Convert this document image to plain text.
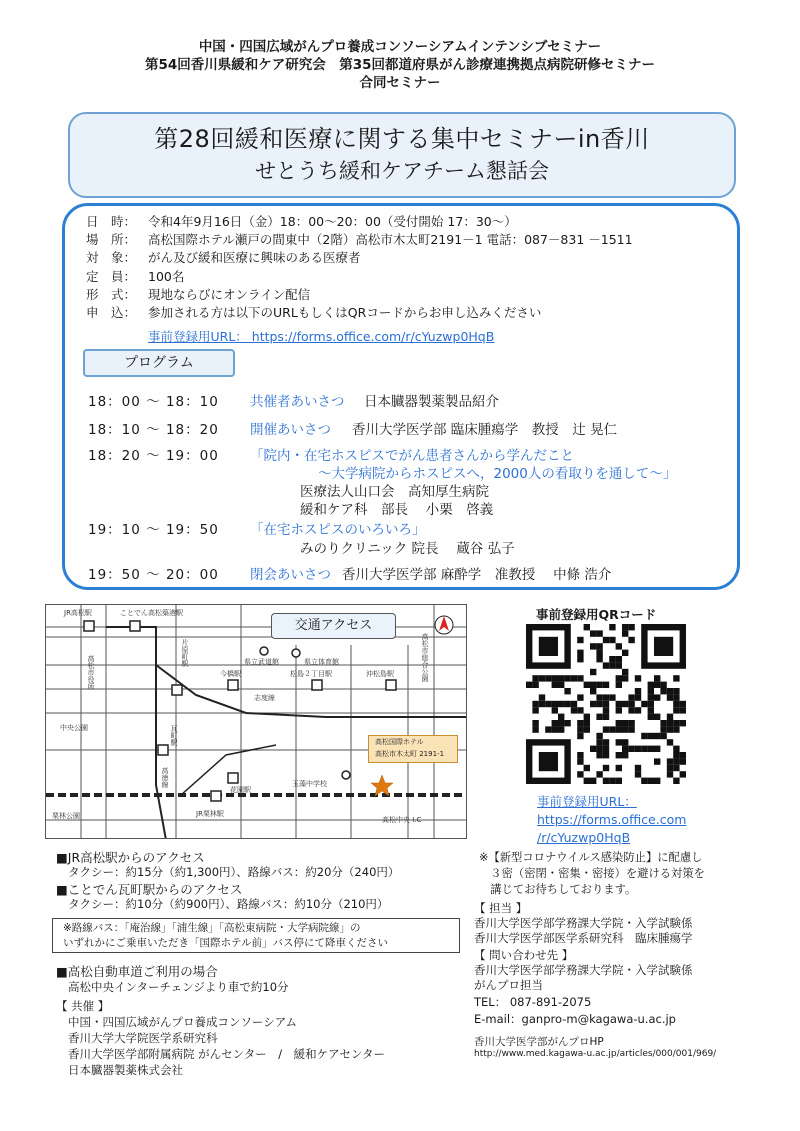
中国・四国広域がんプロ養成コンソーシアムインテンシブセミナー
第54回香川県緩和ケア研究会　第35回都道府県がん診療連携拠点病院研修セミナー
合同セミナー
第28回緩和医療に関する集中セミナーin香川
せとうち緩和ケアチーム懇話会
日　時： 令和4年9月16日（金）18：00～20：00（受付開始 17：30～）
場　所： 高松国際ホテル瀬戸の間東中（2階）高松市木太町2191－1 電話：087－831 －1511
対　象： がん及び緩和医療に興味のある医療者
定　員： 100名
形　式： 現地ならびにオンライン配信
申　込： 参加される方は以下のURLもしくはQRコードからお申し込みください
事前登録用URL： https://forms.office.com/r/cYuzwp0HqB
プログラム
18：00 ～ 18：10 共催者あいさつ 日本臓器製薬製品紹介
18：10 ～ 18：20 開催あいさつ 香川大学医学部 臨床腫瘍学　教授　辻 晃仁
18：20 ～ 19：00 「院内・在宅ホスピスでがん患者さんから学んだこと
～大学病院からホスピスへ，2000人の看取りを通して～」
医療法人山口会　高知厚生病院
緩和ケア科　部長　 小栗　啓義
19：10 ～ 19：50 「在宅ホスピスのいろいろ」
みのりクリニック 院長　 蔵谷 弘子
19：50 ～ 20：00 閉会あいさつ 香川大学医学部 麻酔学　准教授　 中條 浩介
交通アクセス
JR高松駅	ことでん高松築港駅
片原町駅
瓦町駅
今橋駅	松島２丁目駅	沖松島駅
県立武道館	県立体育館
高松市役所
中央公園
栗林公園	JR栗林駅
花園駅
玉藻中学校
高松中央 I.C
志度線
高徳線
高松市総合公園
高松国際ホテル
高松市木太町 2191-1
事前登録用QRコード
事前登録用URL：
https://forms.office.com
/r/cYuzwp0HqB
■JR高松駅からのアクセス
タクシー：約15分（約1,300円）、路線バス：約20分（240円）
■ことでん瓦町駅からのアクセス
タクシー：約10分（約900円）、路線バス：約10分（210円）
※路線バス：「庵治線」「浦生線」「高松東病院・大学病院線」の
いずれかにご乗車いただき「国際ホテル前」バス停にて降車ください
■高松自動車道ご利用の場合
高松中央インターチェンジより車で約10分
【 共催 】
中国・四国広域がんプロ養成コンソーシアム
香川大学大学院医学系研究科
香川大学医学部附属病院 がんセンター　/　緩和ケアセンター
日本臓器製薬株式会社
※【新型コロナウイルス感染防止】に配慮し
　３密（密閉・密集・密接）を避ける対策を
　講じてお待ちしております。
【 担当 】
香川大学医学部学務課大学院・入学試験係
香川大学医学部医学系研究科　臨床腫瘍学
【 問い合わせ先 】
香川大学医学部学務課大学院・入学試験係
がんプロ担当
TEL： 087-891-2075
E-mail：ganpro-m@kagawa-u.ac.jp
香川大学医学部がんプロHP
http://www.med.kagawa-u.ac.jp/articles/000/001/969/
